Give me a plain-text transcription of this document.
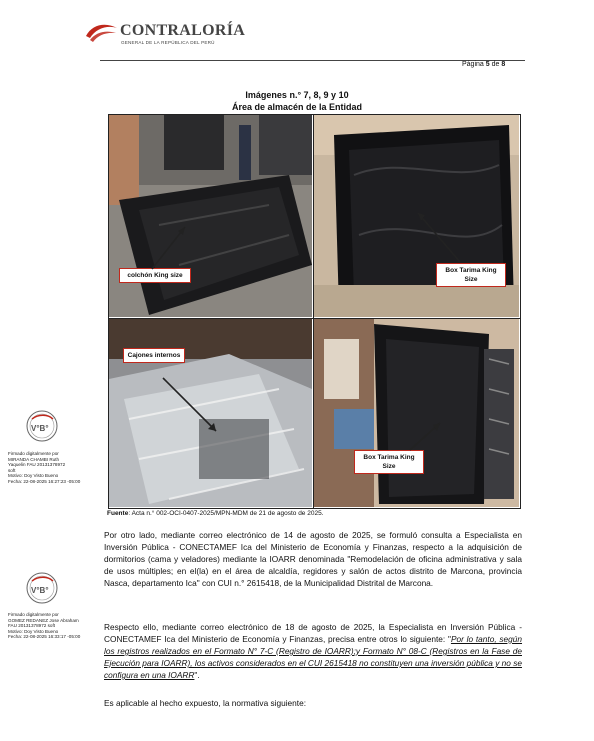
CONTRALORÍA
GENERAL DE LA REPÚBLICA DEL PERÚ
Página 5 de 8
Imágenes n.° 7, 8, 9 y 10
Área de almacén de la Entidad
colchón King size
Box Tarima King Size
Cajones internos
Box Tarima King Size
Fuente: Acta n.° 002-OCI-0407-2025/MPN-MDM de 21 de agosto de 2025.
Por otro lado, mediante correo electrónico de 14 de agosto de 2025, se formuló consulta a Especialista en Inversión Pública - CONECTAMEF Ica del Ministerio de Economía y Finanzas, respecto a la adquisición de dormitorios (cama y veladores) mediante la IOARR denominada "Remodelación de oficina administrativa y sala de usos múltiples; en el(la) en el área de alcaldía, regidores y salón de actos distrito de Marcona, provincia Nasca, departamento Ica" con CUI n.° 2615418, de la Municipalidad Distrital de Marcona.
Respecto ello, mediante correo electrónico de 18 de agosto de 2025, la Especialista en Inversión Pública - CONECTAMEF Ica del Ministerio de Economía y Finanzas, precisa entre otros lo siguiente: "Por lo tanto, según los registros realizados en el Formato N° 7-C (Registro de IOARR);y Formato N° 08-C (Registros en la Fase de Ejecución para IOARR), los activos considerados en el CUI 2615418 no constituyen una inversión pública y no se configura en una IOARR".
Es aplicable al hecho expuesto, la normativa siguiente:
V°B°
Firmado digitalmente por
MIRANDA CHAMBI Ruth
Yaquelin FAU 20131378972
soft
Motivo: Doy Visto Bueno
Fecha: 22-08-2025 16:27:23 -05:00
V°B°
Firmado digitalmente por
GOMEZ REDANEZ Jose Abraham
FAU 20131378972 soft
Motivo: Doy Visto Bueno
Fecha: 22-08-2025 16:33:17 -05:00
